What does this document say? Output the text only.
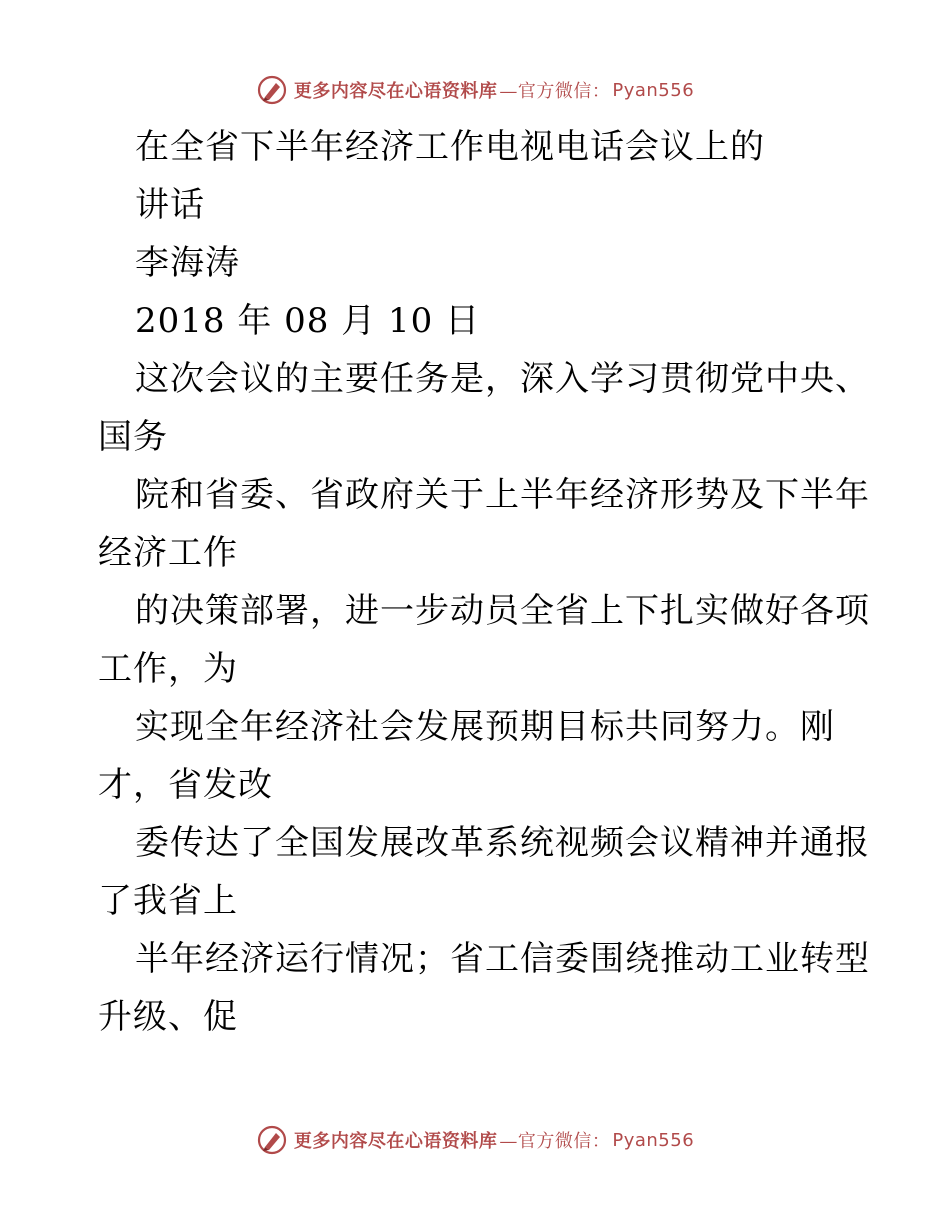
更多内容尽在心语资料库 —官方微信： Pyan556
在全省下半年经济工作电视电话会议上的
讲话
李海涛
2018 年 08 月 10 日
这次会议的主要任务是，深入学习贯彻党中央、
国务
院和省委、省政府关于上半年经济形势及下半年
经济工作
的决策部署，进一步动员全省上下扎实做好各项
工作，为
实现全年经济社会发展预期目标共同努力。刚
才，省发改
委传达了全国发展改革系统视频会议精神并通报
了我省上
半年经济运行情况；省工信委围绕推动工业转型
升级、促
更多内容尽在心语资料库 —官方微信： Pyan556
